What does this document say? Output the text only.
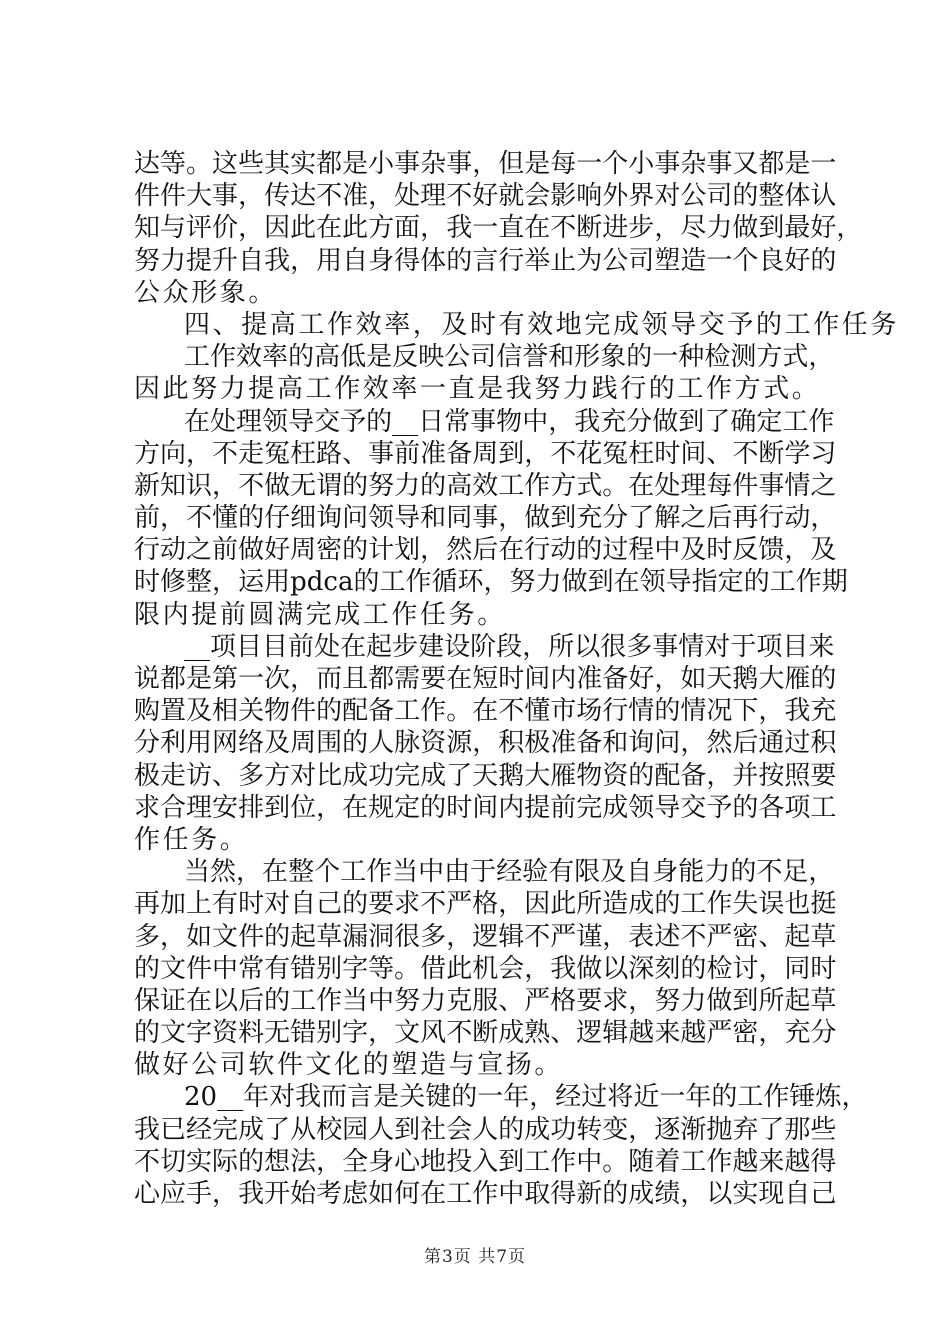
达 等 。 这 些 其 实 都 是 小 事 杂 事 ， 但 是 每 一 个 小 事 杂 事 又 都 是 一
件 件 大 事 ， 传 达 不 准 ， 处 理 不 好 就 会 影 响 外 界 对 公 司 的 整 体 认
知 与 评 价 ， 因 此 在 此 方 面 ， 我 一 直 在 不 断 进 步 ， 尽 力 做 到 最 好 ，
努 力 提 升 自 我 ， 用 自 身 得 体 的 言 行 举 止 为 公 司 塑 造 一 个 良 好 的
公众形象。
四、提高工作效率，及时有效地完成领导交予的工作任务
工 作 效 率 的 高 低 是 反 映 公 司 信 誉 和 形 象 的 一 种 检 测 方 式 ，
因此努力提高工作效率一直是我努力践行的工作方式。
在 处 理 领 导 交 予 的 __ 日 常 事 物 中 ， 我 充 分 做 到 了 确 定 工 作
方 向 ， 不 走 冤 枉 路 、 事 前 准 备 周 到 ， 不 花 冤 枉 时 间 、 不 断 学 习
新 知 识 ， 不 做 无 谓 的 努 力 的 高 效 工 作 方 式 。 在 处 理 每 件 事 情 之
前 ， 不 懂 的 仔 细 询 问 领 导 和 同 事 ， 做 到 充 分 了 解 之 后 再 行 动 ，
行 动 之 前 做 好 周 密 的 计 划 ， 然 后 在 行 动 的 过 程 中 及 时 反 馈 ， 及
时 修 整 ， 运 用 pdca 的 工 作 循 环 ， 努 力 做 到 在 领 导 指 定 的 工 作 期
限内提前圆满完成工作任务。
__ 项 目 目 前 处 在 起 步 建 设 阶 段 ， 所 以 很 多 事 情 对 于 项 目 来
说 都 是 第 一 次 ， 而 且 都 需 要 在 短 时 间 内 准 备 好 ， 如 天 鹅 大 雁 的
购 置 及 相 关 物 件 的 配 备 工 作 。 在 不 懂 市 场 行 情 的 情 况 下 ， 我 充
分 利 用 网 络 及 周 围 的 人 脉 资 源 ， 积 极 准 备 和 询 问 ， 然 后 通 过 积
极 走 访 、 多 方 对 比 成 功 完 成 了 天 鹅 大 雁 物 资 的 配 备 ， 并 按 照 要
求 合 理 安 排 到 位 ， 在 规 定 的 时 间 内 提 前 完 成 领 导 交 予 的 各 项 工
作任务。
当 然 ， 在 整 个 工 作 当 中 由 于 经 验 有 限 及 自 身 能 力 的 不 足 ，
再 加 上 有 时 对 自 己 的 要 求 不 严 格 ， 因 此 所 造 成 的 工 作 失 误 也 挺
多 ， 如 文 件 的 起 草 漏 洞 很 多 ， 逻 辑 不 严 谨 ， 表 述 不 严 密 、 起 草
的 文 件 中 常 有 错 别 字 等 。 借 此 机 会 ， 我 做 以 深 刻 的 检 讨 ， 同 时
保 证 在 以 后 的 工 作 当 中 努 力 克 服 、 严 格 要 求 ， 努 力 做 到 所 起 草
的 文 字 资 料 无 错 别 字 ， 文 风 不 断 成 熟 、 逻 辑 越 来 越 严 密 ， 充 分
做好公司软件文化的塑造与宣扬。
20__ 年 对 我 而 言 是 关 键 的 一 年 ， 经 过 将 近 一 年 的 工 作 锤 炼 ，
我 已 经 完 成 了 从 校 园 人 到 社 会 人 的 成 功 转 变 ， 逐 渐 抛 弃 了 那 些
不 切 实 际 的 想 法 ， 全 身 心 地 投 入 到 工 作 中 。 随 着 工 作 越 来 越 得
心 应 手 ， 我 开 始 考 虑 如 何 在 工 作 中 取 得 新 的 成 绩 ， 以 实 现 自 己
第3页 共7页
